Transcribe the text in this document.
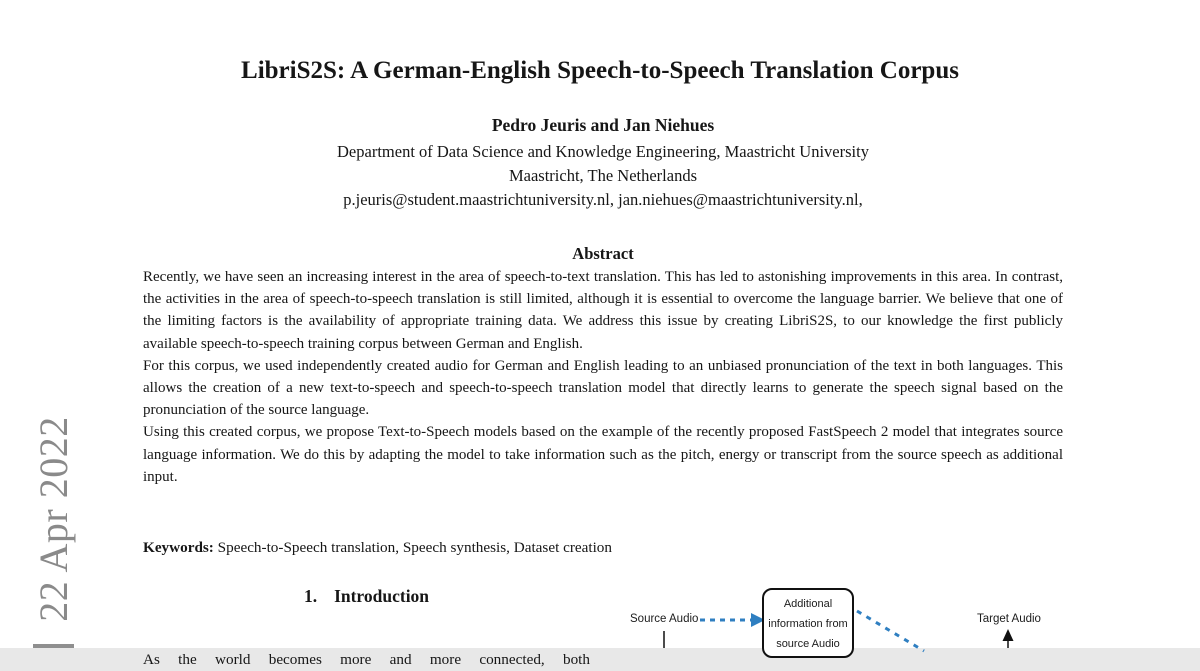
22 Apr 2022
LibriS2S: A German-English Speech-to-Speech Translation Corpus
Pedro Jeuris and Jan Niehues
Department of Data Science and Knowledge Engineering, Maastricht University
Maastricht, The Netherlands
p.jeuris@student.maastrichtuniversity.nl, jan.niehues@maastrichtuniversity.nl,
Abstract

Recently, we have seen an increasing interest in the area of speech-to-text translation. This has led to astonishing improvements in this area. In contrast, the activities in the area of speech-to-speech translation is still limited, although it is essential to overcome the language barrier. We believe that one of the limiting factors is the availability of appropriate training data. We address this issue by creating LibriS2S, to our knowledge the first publicly available speech-to-speech training corpus between German and English.

For this corpus, we used independently created audio for German and English leading to an unbiased pronunciation of the text in both languages. This allows the creation of a new text-to-speech and speech-to-speech translation model that directly learns to generate the speech signal based on the pronunciation of the source language.

Using this created corpus, we propose Text-to-Speech models based on the example of the recently proposed FastSpeech 2 model that integrates source language information. We do this by adapting the model to take information such as the pitch, energy or transcript from the source speech as additional input.

Keywords: Speech-to-Speech translation, Speech synthesis, Dataset creation
1. Introduction

As the world becomes more and more connected, both

Source Audio
Additional
information from
source Audio
Target Audio
